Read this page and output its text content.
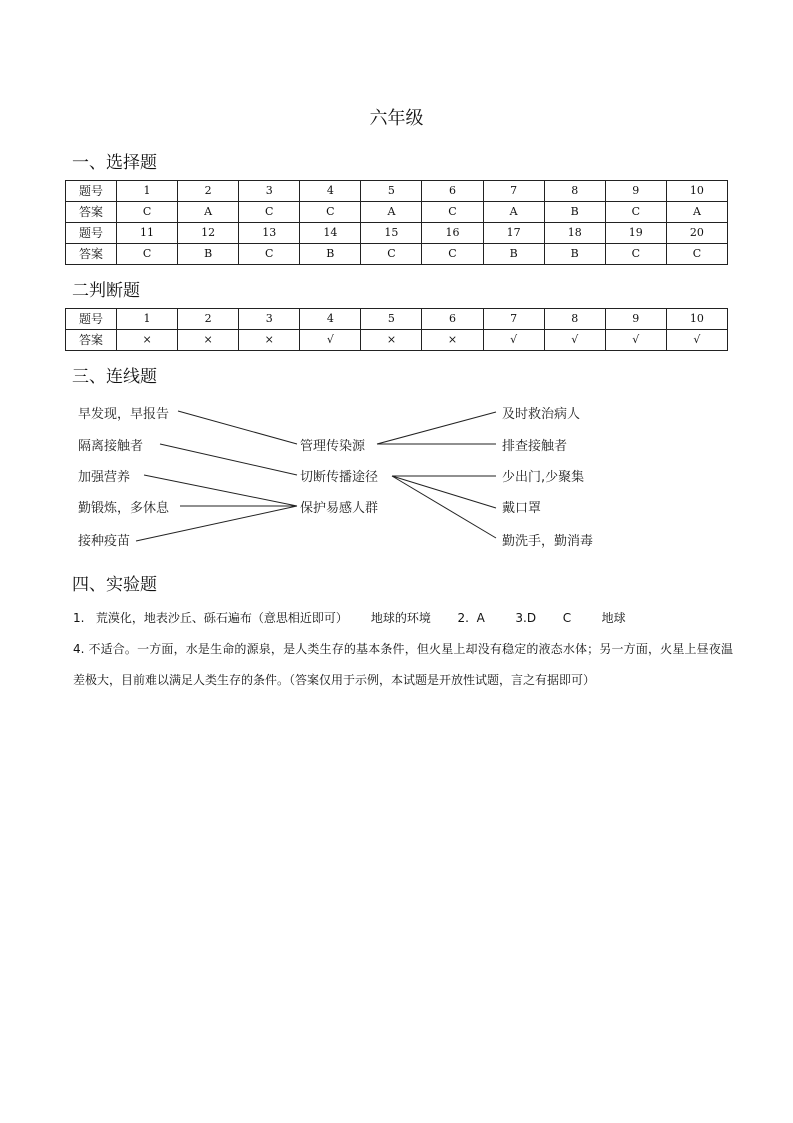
六年级
一、选择题
题号	1	2	3	4	5	6	7	8	9	10
答案	C	A	C	C	A	C	A	B	C	A
题号	11	12	13	14	15	16	17	18	19	20
答案	C	B	C	B	C	C	B	B	C	C
二判断题
题号	1	2	3	4	5	6	7	8	9	10
答案	×	×	×	√	×	×	√	√	√	√
三、连线题
早发现，早报告
隔离接触者
加强营养
勤锻炼，多休息
接种疫苗
管理传染源
切断传播途径
保护易感人群
及时救治病人
排查接触者
少出门,少聚集
戴口罩
勤洗手，勤消毒
四、实验题
1. 荒漠化，地表沙丘、砾石遍布（意思相近即可） 地球的环境 2. A	3.D C	地球
4. 不适合。一方面，水是生命的源泉，是人类生存的基本条件，但火星上却没有稳定的液态水体；另一方面，火星上昼夜温差极大，目前难以满足人类生存的条件。（答案仅用于示例，本试题是开放性试题，言之有据即可）
